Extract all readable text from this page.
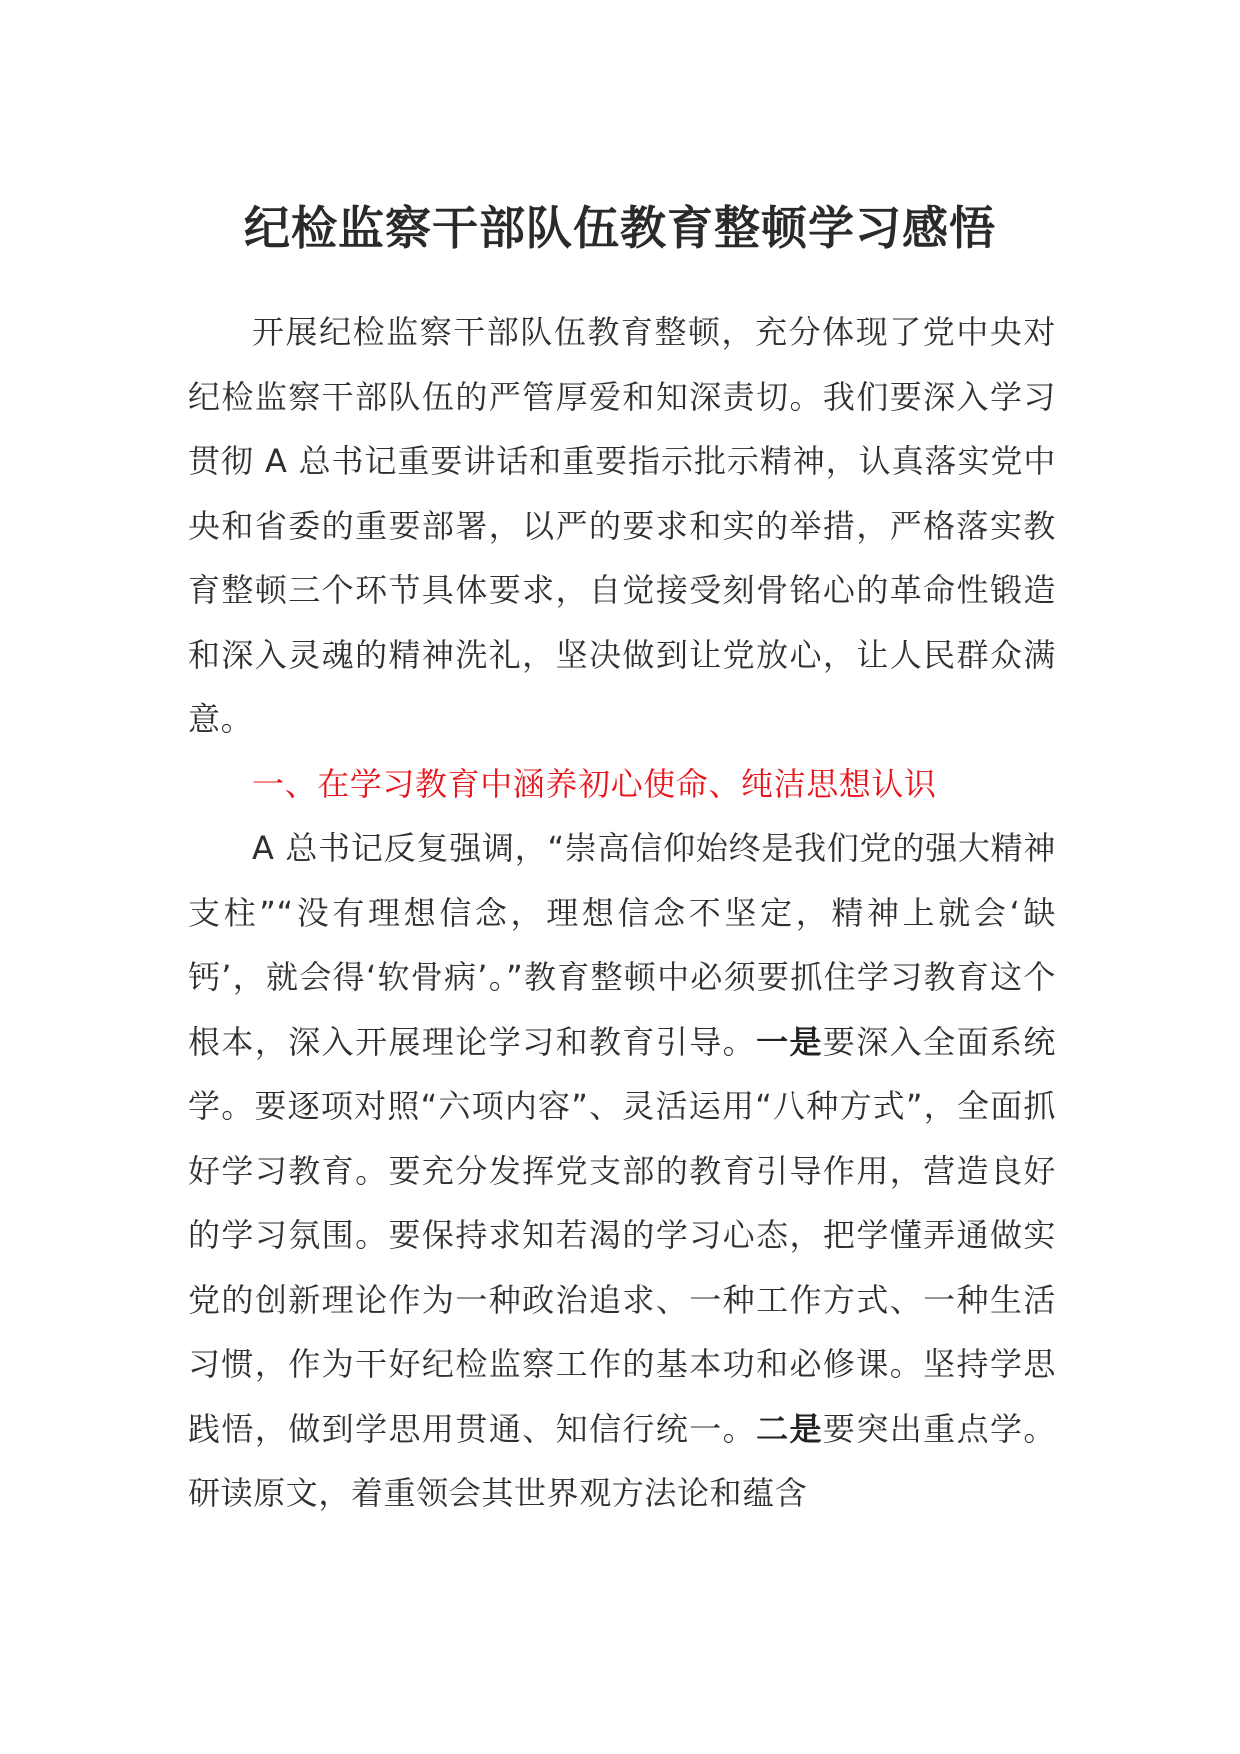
纪检监察干部队伍教育整顿学习感悟

开展纪检监察干部队伍教育整顿，充分体现了党中央对纪检监察干部队伍的严管厚爱和知深责切。我们要深入学习贯彻 A 总书记重要讲话和重要指示批示精神，认真落实党中央和省委的重要部署，以严的要求和实的举措，严格落实教育整顿三个环节具体要求，自觉接受刻骨铭心的革命性锻造和深入灵魂的精神洗礼，坚决做到让党放心，让人民群众满意。

一、在学习教育中涵养初心使命、纯洁思想认识

A 总书记反复强调，“崇高信仰始终是我们党的强大精神支柱”“没有理想信念，理想信念不坚定，精神上就会‘缺钙’，就会得‘软骨病’。”教育整顿中必须要抓住学习教育这个根本，深入开展理论学习和教育引导。一是要深入全面系统学。要逐项对照“六项内容”、灵活运用“八种方式”，全面抓好学习教育。要充分发挥党支部的教育引导作用，营造良好的学习氛围。要保持求知若渴的学习心态，把学懂弄通做实党的创新理论作为一种政治追求、一种工作方式、一种生活习惯，作为干好纪检监察工作的基本功和必修课。坚持学思践悟，做到学思用贯通、知信行统一。二是要突出重点学。研读原文，着重领会其世界观方法论和蕴含
